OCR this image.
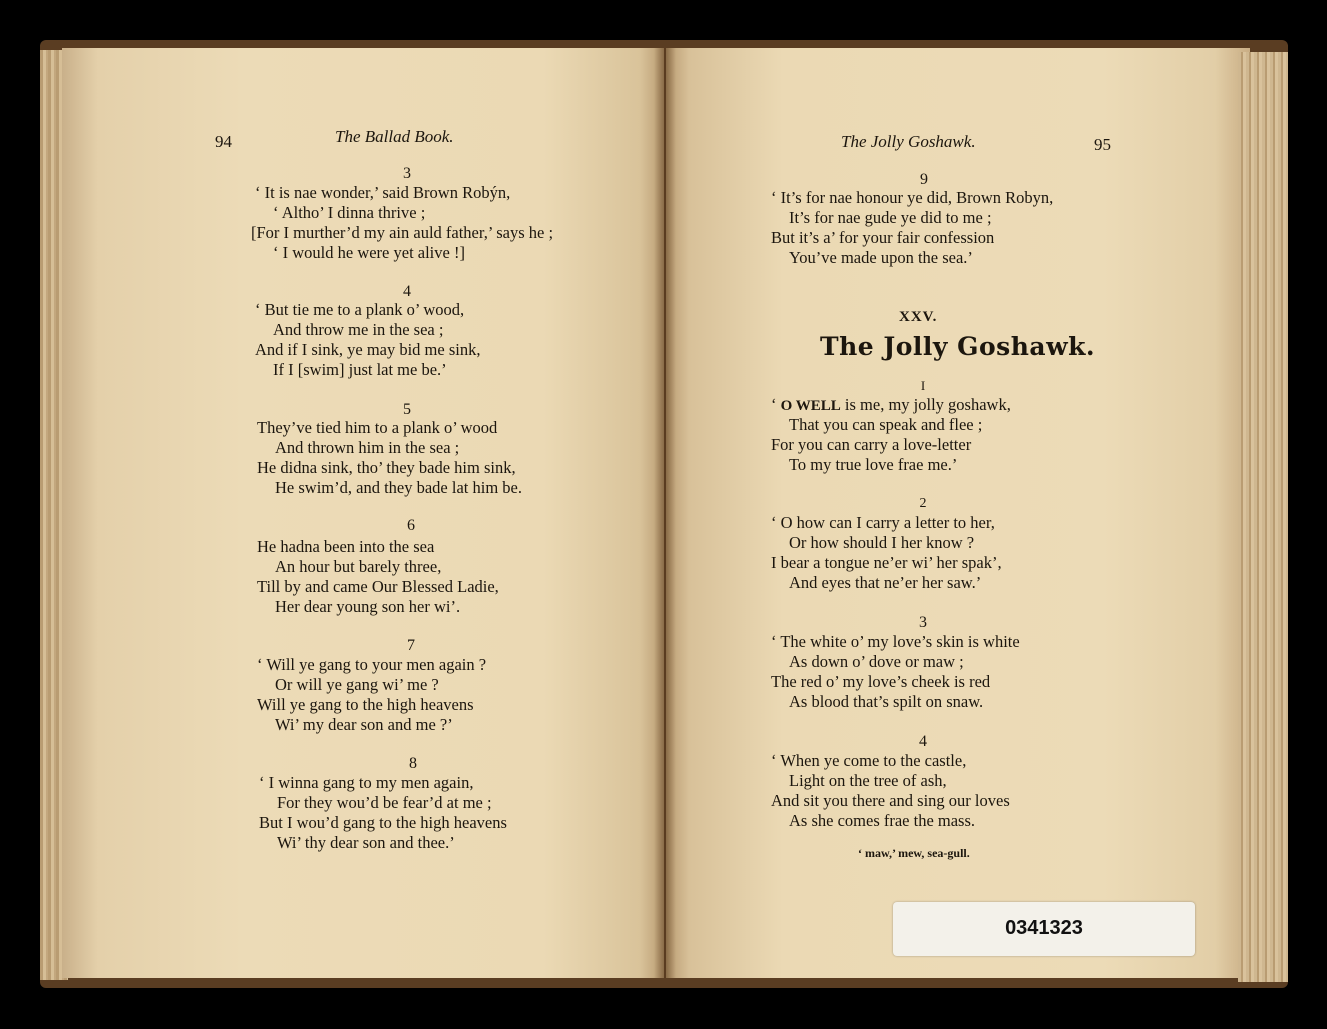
94	The Ballad Book.
3
‘ It is nae wonder,’ said Brown Robýn,
‘ Altho’ I dinna thrive ;
[For I murther’d my ain auld father,’ says he ;
‘ I would he were yet alive !]
4
‘ But tie me to a plank o’ wood,
And throw me in the sea ;
And if I sink, ye may bid me sink,
If I [swim] just lat me be.’
5
They’ve tied him to a plank o’ wood
And thrown him in the sea ;
He didna sink, tho’ they bade him sink,
He swim’d, and they bade lat him be.
6
He hadna been into the sea
An hour but barely three,
Till by and came Our Blessed Ladie,
Her dear young son her wi’.
7
‘ Will ye gang to your men again ?
Or will ye gang wi’ me ?
Will ye gang to the high heavens
Wi’ my dear son and me ?’
8
‘ I winna gang to my men again,
For they wou’d be fear’d at me ;
But I wou’d gang to the high heavens
Wi’ thy dear son and thee.’
The Jolly Goshawk.	95
9
‘ It’s for nae honour ye did, Brown Robyn,
It’s for nae gude ye did to me ;
But it’s a’ for your fair confession
You’ve made upon the sea.’
XXV.
The Jolly Goshawk.
I
‘ O WELL is me, my jolly goshawk,
That you can speak and flee ;
For you can carry a love-letter
To my true love frae me.’
2
‘ O how can I carry a letter to her,
Or how should I her know ?
I bear a tongue ne’er wi’ her spak’,
And eyes that ne’er her saw.’
3
‘ The white o’ my love’s skin is white
As down o’ dove or maw ;
The red o’ my love’s cheek is red
As blood that’s spilt on snaw.
4
‘ When ye come to the castle,
Light on the tree of ash,
And sit you there and sing our loves
As she comes frae the mass.
‘ maw,’ mew, sea-gull.
0341323
